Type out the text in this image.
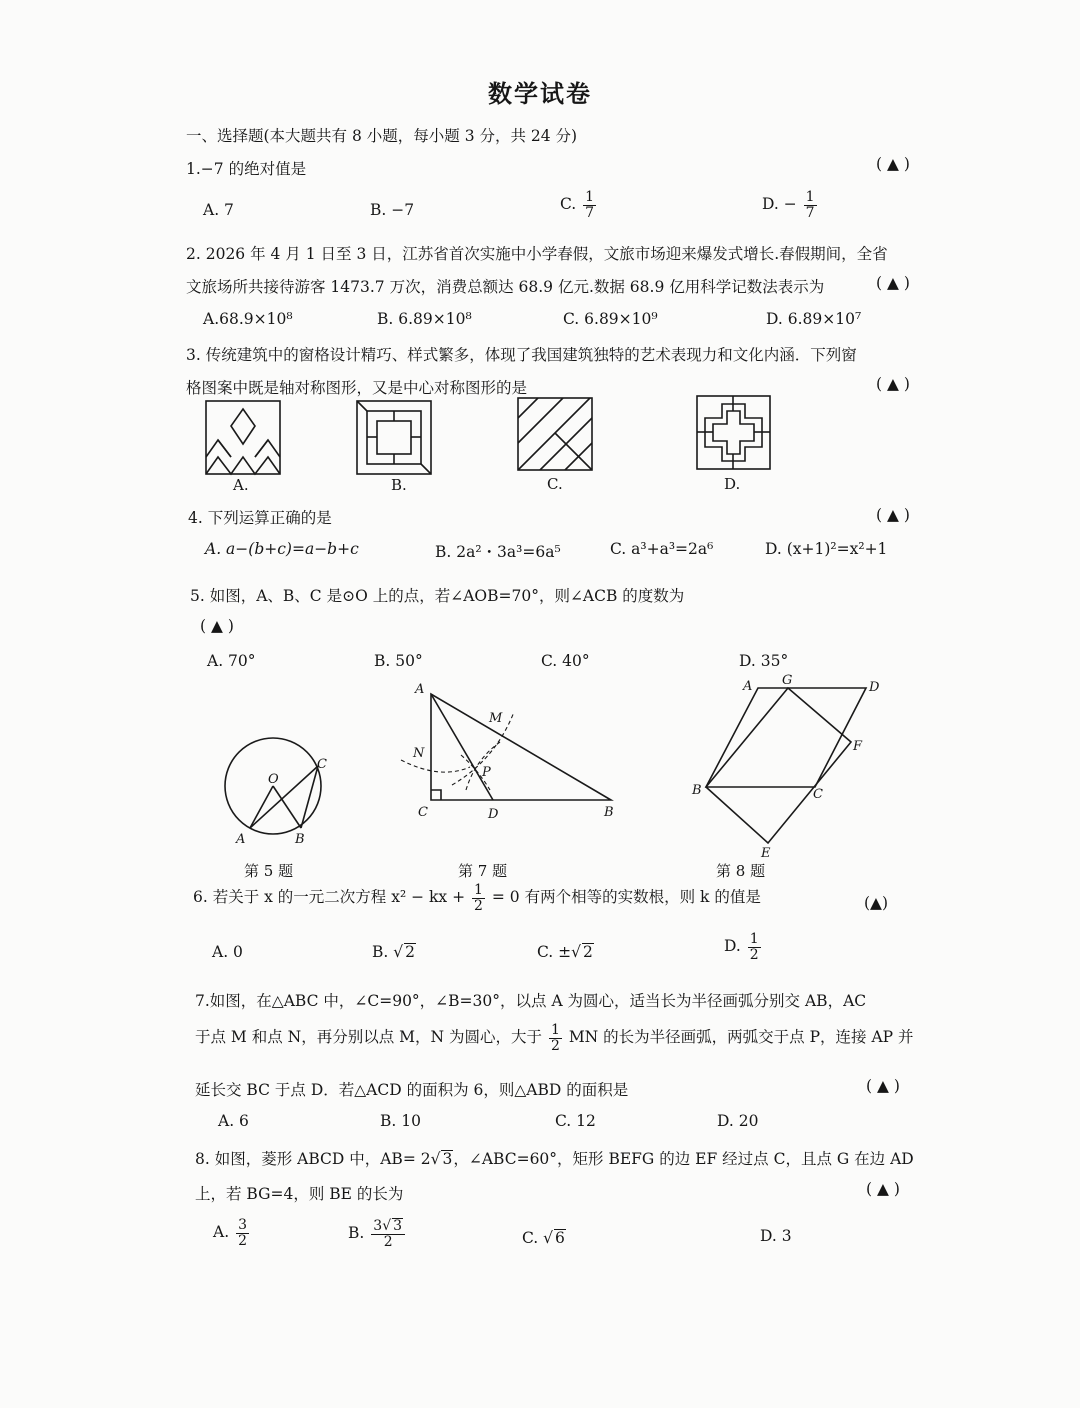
数学试卷
一、选择题(本大题共有 8 小题，每小题 3 分，共 24 分)
1.−7 的绝对值是	( ▲ )
A. 7	B. −7	C. $\frac{1}{7}$	D. − $\frac{1}{7}$
2. 2026 年 4 月 1 日至 3 日，江苏省首次实施中小学春假，文旅市场迎来爆发式增长.春假期间，全省
文旅场所共接待游客 1473.7 万次，消费总额达 68.9 亿元.数据 68.9 亿用科学记数法表示为	( ▲ )
A.68.9×10⁸	B. 6.89×10⁸	C. 6.89×10⁹	D. 6.89×10⁷
3. 传统建筑中的窗格设计精巧、样式繁多，体现了我国建筑独特的艺术表现力和文化内涵．下列窗
格图案中既是轴对称图形，又是中心对称图形的是	( ▲ )
A.	B.	C.	D.
4. 下列运算正确的是	( ▲ )
A. a−(b+c)=a−b+c	B. 2a²・3a³=6a⁵	C. a³+a³=2a⁶	D. (x+1)²=x²+1
5. 如图，A、B、C 是⊙O 上的点，若∠AOB=70°，则∠ACB 的度数为
( ▲ )
A. 70°	B. 50°	C. 40°	D. 35°
O
A	B
C
A
M
N
P
C	D	B
A G	D
F
B	C
E
第 5 题	第 7 题	第 8 题
6. 若关于 x 的一元二次方程 x² − kx + $\frac{1}{2} = 0$ 有两个相等的实数根，则 k 的值是	(▲)
A. 0	B. √ 2	C. ±√ 2	D. $\frac{1}{2}$
7.如图，在△ABC 中，∠C=90°，∠B=30°，以点 A 为圆心，适当长为半径画弧分别交 AB，AC
于点 M 和点 N，再分别以点 M，N 为圆心，大于 $\frac{1}{2}$ MN 的长为半径画弧，两弧交于点 P，连接 AP 并
延长交 BC 于点 D．若△ACD 的面积为 6，则△ABD 的面积是	( ▲ )
A. 6	B. 10	C. 12	D. 20
8. 如图，菱形 ABCD 中，AB= 2√ 3，∠ABC=60°，矩形 BEFG 的边 EF 经过点 C，且点 G 在边 AD
上，若 BG=4，则 BE 的长为	( ▲ )
A. $\frac{3}{2}$	B. $\frac{3√ 3}{2}$	C. √ 6	D. 3
